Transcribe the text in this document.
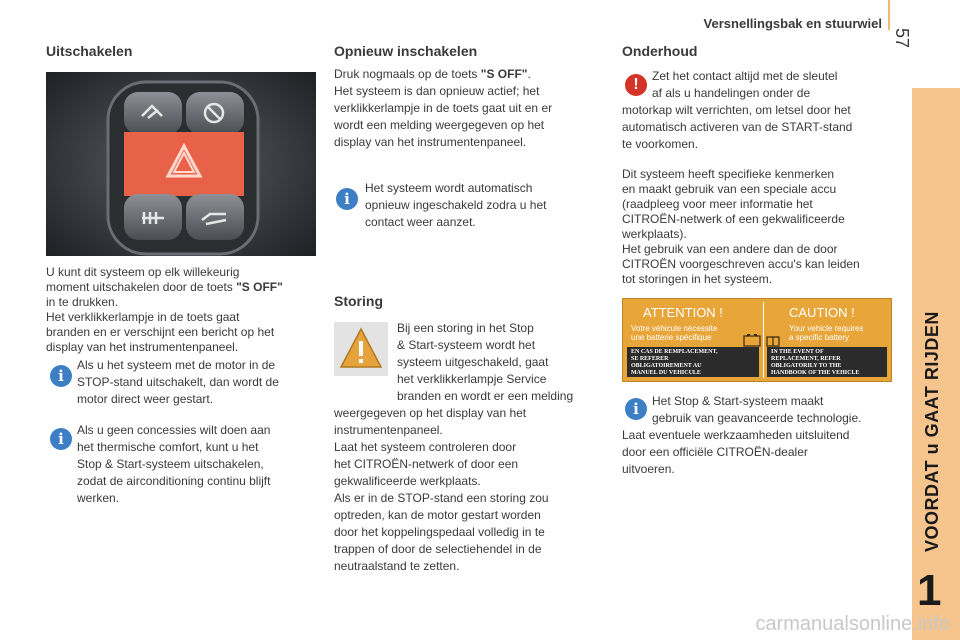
Versnellingsbak en stuurwiel
57
VOORDAT u GAAT RIJDEN
1
Uitschakelen

U kunt dit systeem op elk willekeurig

moment uitschakelen door de toets "S OFF"

in te drukken.

Het verklikkerlampje in de toets gaat

branden en er verschijnt een bericht op het

display van het instrumentenpaneel.

i

Als u het systeem met de motor in de

STOP-stand uitschakelt, dan wordt de

motor direct weer gestart.

i	Als u geen concessies wilt doen aan

het thermische comfort, kunt u het

Stop & Start-systeem uitschakelen,

zodat de airconditioning continu blijft

werken.

Opnieuw inschakelen

Druk nogmaals op de toets "S OFF".

Het systeem is dan opnieuw actief; het

verklikkerlampje in de toets gaat uit en er

wordt een melding weergegeven op het

display van het instrumentenpaneel.

i

Het systeem wordt automatisch

opnieuw ingeschakeld zodra u het

contact weer aanzet.

Storing

Bij een storing in het Stop

& Start-systeem wordt het

systeem uitgeschakeld, gaat

het verklikkerlampje Service

branden en wordt er een melding

weergegeven op het display van het

instrumentenpaneel.

Laat het systeem controleren door

het CITROËN-netwerk of door een

gekwalificeerde werkplaats.

Als er in de STOP-stand een storing zou

optreden, kan de motor gestart worden

door het koppelingspedaal volledig in te

trappen of door de selectiehendel in de

neutraalstand te zetten.

Onderhoud
!	Zet het contact altijd met de sleutel

af als u handelingen onder de

motorkap wilt verrichten, om letsel door het

automatisch activeren van de START-stand

te voorkomen.

Dit systeem heeft specifieke kenmerken

en maakt gebruik van een speciale accu

(raadpleeg voor meer informatie het

CITROËN-netwerk of een gekwalificeerde

werkplaats).

Het gebruik van een andere dan de door

CITROËN voorgeschreven accu's kan leiden

tot storingen in het systeem.

ATTENTION !	CAUTION !
Votre véhicule nécessite
une batterie spécifique
Your vehicle requires
a specific battery
EN CAS DE REMPLACEMENT,
SE REFERER
OBLIGATOIREMENT AU
MANUEL DU VEHICULE
IN THE EVENT OF
REPLACEMENT, REFER
OBLIGATORILY TO THE
HANDBOOK OF THE VEHICLE
i	Het Stop & Start-systeem maakt

gebruik van geavanceerde technologie.

Laat eventuele werkzaamheden uitsluitend

door een officiële CITROËN-dealer

uitvoeren.

carmanualsonline.info
